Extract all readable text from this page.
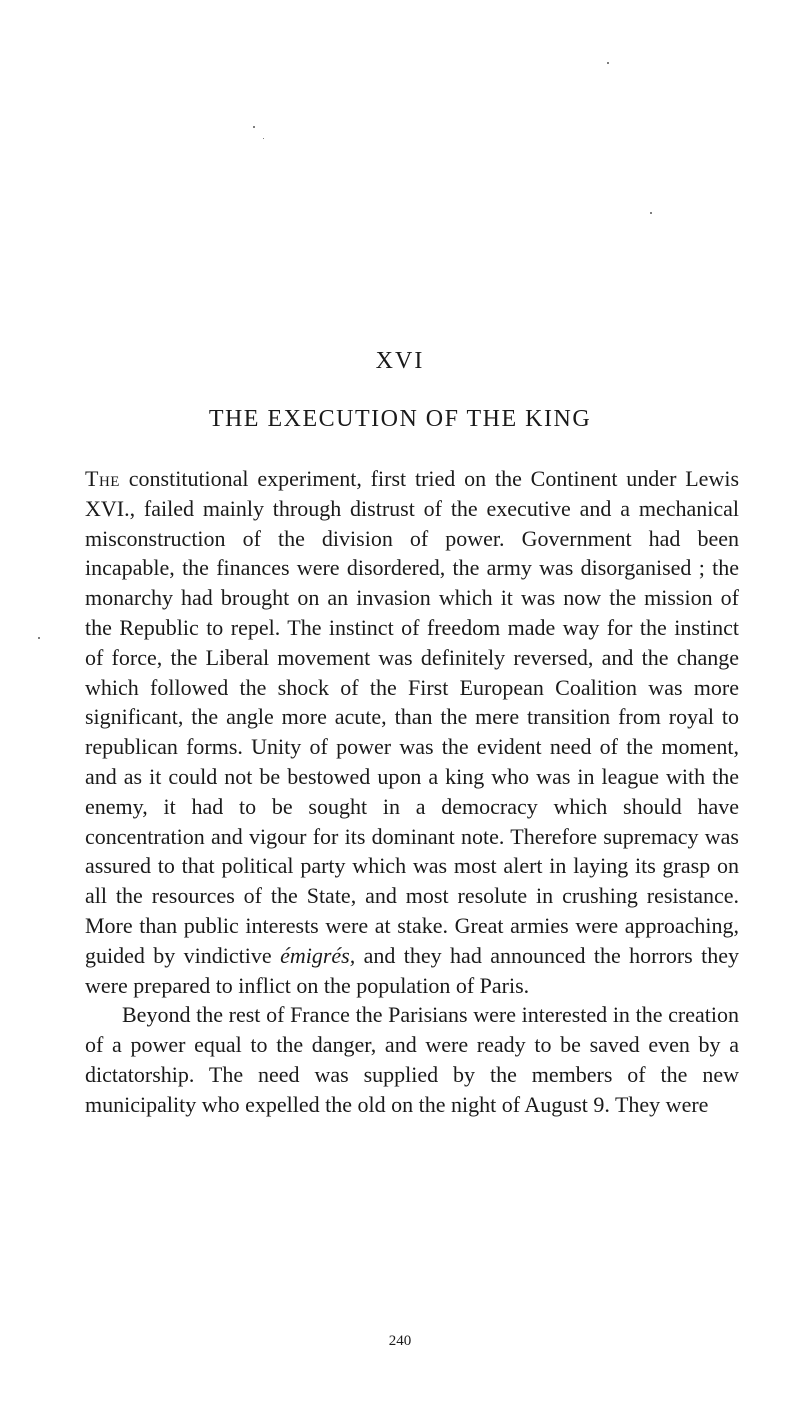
XVI
THE EXECUTION OF THE KING

The constitutional experiment, first tried on the Continent under Lewis XVI., failed mainly through distrust of the executive and a mechanical misconstruction of the division of power. Government had been incapable, the finances were disordered, the army was disorganised ; the monarchy had brought on an invasion which it was now the mission of the Republic to repel. The instinct of freedom made way for the instinct of force, the Liberal movement was definitely reversed, and the change which followed the shock of the First European Coalition was more significant, the angle more acute, than the mere transition from royal to republican forms. Unity of power was the evident need of the moment, and as it could not be bestowed upon a king who was in league with the enemy, it had to be sought in a democracy which should have concentration and vigour for its dominant note. Therefore supremacy was assured to that political party which was most alert in laying its grasp on all the resources of the State, and most resolute in crushing resistance. More than public interests were at stake. Great armies were approaching, guided by vindictive émigrés, and they had announced the horrors they were prepared to inflict on the population of Paris.

Beyond the rest of France the Parisians were interested in the creation of a power equal to the danger, and were ready to be saved even by a dictatorship. The need was supplied by the members of the new municipality who expelled the old on the night of August 9. They were

240
